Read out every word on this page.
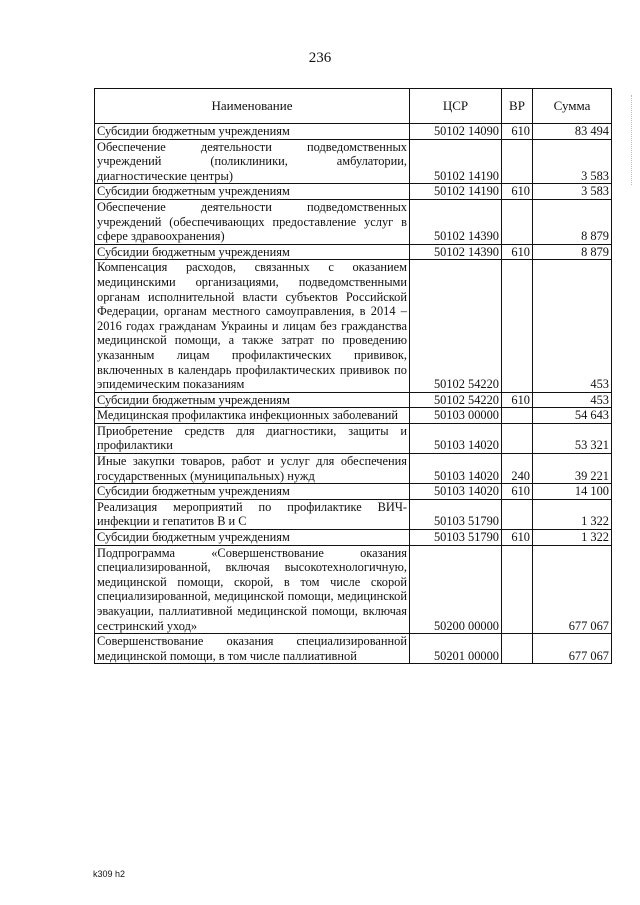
236
Наименование	ЦСР	ВР	Сумма
Субсидии бюджетным учреждениям	50102 14090	610	83 494
Обеспечение деятельности подведомственных учреждений (поликлиники, амбулатории, диагностические центры)	50102 14190		3 583
Субсидии бюджетным учреждениям	50102 14190	610	3 583
Обеспечение деятельности подведомственных учреждений (обеспечивающих предоставление услуг в сфере здравоохранения)	50102 14390		8 879
Субсидии бюджетным учреждениям	50102 14390	610	8 879
Компенсация расходов, связанных с оказанием медицинскими организациями, подведомственными органам исполнительной власти субъектов Российской Федерации, органам местного самоуправления, в 2014 – 2016 годах гражданам Украины и лицам без гражданства медицинской помощи, а также затрат по проведению указанным лицам профилактических прививок, включенных в календарь профилактических прививок по эпидемическим показаниям	50102 54220		453
Субсидии бюджетным учреждениям	50102 54220	610	453
Медицинская профилактика инфекционных заболеваний	50103 00000		54 643
Приобретение средств для диагностики, защиты и профилактики	50103 14020		53 321
Иные закупки товаров, работ и услуг для обеспечения государственных (муниципальных) нужд	50103 14020	240	39 221
Субсидии бюджетным учреждениям	50103 14020	610	14 100
Реализация мероприятий по профилактике ВИЧ-инфекции и гепатитов B и C	50103 51790		1 322
Субсидии бюджетным учреждениям	50103 51790	610	1 322
Подпрограмма «Совершенствование оказания специализированной, включая высокотехнологичную, медицинской помощи, скорой, в том числе скорой специализированной, медицинской помощи, медицинской эвакуации, паллиативной медицинской помощи, включая сестринский уход»	50200 00000		677 067
Совершенствование оказания специализированной медицинской помощи, в том числе паллиативной	50201 00000		677 067
k309 h2
